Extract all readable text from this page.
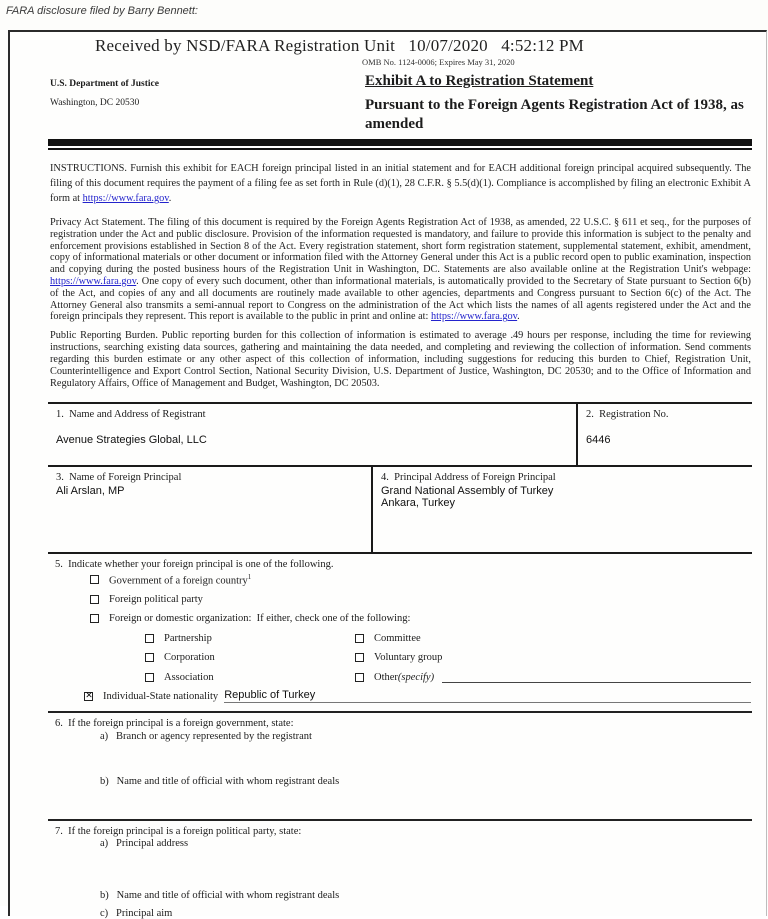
FARA disclosure filed by Barry Bennett:
Received by NSD/FARA Registration Unit   10/07/2020   4:52:12 PM
OMB No. 1124-0006; Expires May 31, 2020
U.S. Department of Justice
Washington, DC 20530
Exhibit A to Registration Statement
Pursuant to the Foreign Agents Registration Act of 1938, as amended

INSTRUCTIONS. Furnish this exhibit for EACH foreign principal listed in an initial statement and for EACH additional foreign principal acquired subsequently. The filing of this document requires the payment of a filing fee as set forth in Rule (d)(1), 28 C.F.R. § 5.5(d)(1). Compliance is accomplished by filing an electronic Exhibit A form at https://www.fara.gov.

Privacy Act Statement. The filing of this document is required by the Foreign Agents Registration Act of 1938, as amended, 22 U.S.C. § 611 et seq., for the purposes of registration under the Act and public disclosure. Provision of the information requested is mandatory, and failure to provide this information is subject to the penalty and enforcement provisions established in Section 8 of the Act. Every registration statement, short form registration statement, supplemental statement, exhibit, amendment, copy of informational materials or other document or information filed with the Attorney General under this Act is a public record open to public examination, inspection and copying during the posted business hours of the Registration Unit in Washington, DC. Statements are also available online at the Registration Unit's webpage: https://www.fara.gov. One copy of every such document, other than informational materials, is automatically provided to the Secretary of State pursuant to Section 6(b) of the Act, and copies of any and all documents are routinely made available to other agencies, departments and Congress pursuant to Section 6(c) of the Act. The Attorney General also transmits a semi-annual report to Congress on the administration of the Act which lists the names of all agents registered under the Act and the foreign principals they represent. This report is available to the public in print and online at: https://www.fara.gov.

Public Reporting Burden. Public reporting burden for this collection of information is estimated to average .49 hours per response, including the time for reviewing instructions, searching existing data sources, gathering and maintaining the data needed, and completing and reviewing the collection of information. Send comments regarding this burden estimate or any other aspect of this collection of information, including suggestions for reducing this burden to Chief, Registration Unit, Counterintelligence and Export Control Section, National Security Division, U.S. Department of Justice, Washington, DC 20530; and to the Office of Information and Regulatory Affairs, Office of Management and Budget, Washington, DC 20503.

1.  Name and Address of Registrant
Avenue Strategies Global, LLC
2.  Registration No.
6446
3.  Name of Foreign Principal
Ali Arslan, MP
4.  Principal Address of Foreign Principal
Grand National Assembly of Turkey
Ankara, Turkey
5.  Indicate whether your foreign principal is one of the following.
Government of a foreign country$^1$
Foreign political party
Foreign or domestic organization:  If either, check one of the following:
Partnership	Committee
Corporation	Voluntary group
Association	Other (specify)
✕ Individual-State nationality Republic of Turkey
6.  If the foreign principal is a foreign government, state:
a)   Branch or agency represented by the registrant
b)   Name and title of official with whom registrant deals
7.  If the foreign principal is a foreign political party, state:
a)   Principal address
b)   Name and title of official with whom registrant deals
c)   Principal aim
